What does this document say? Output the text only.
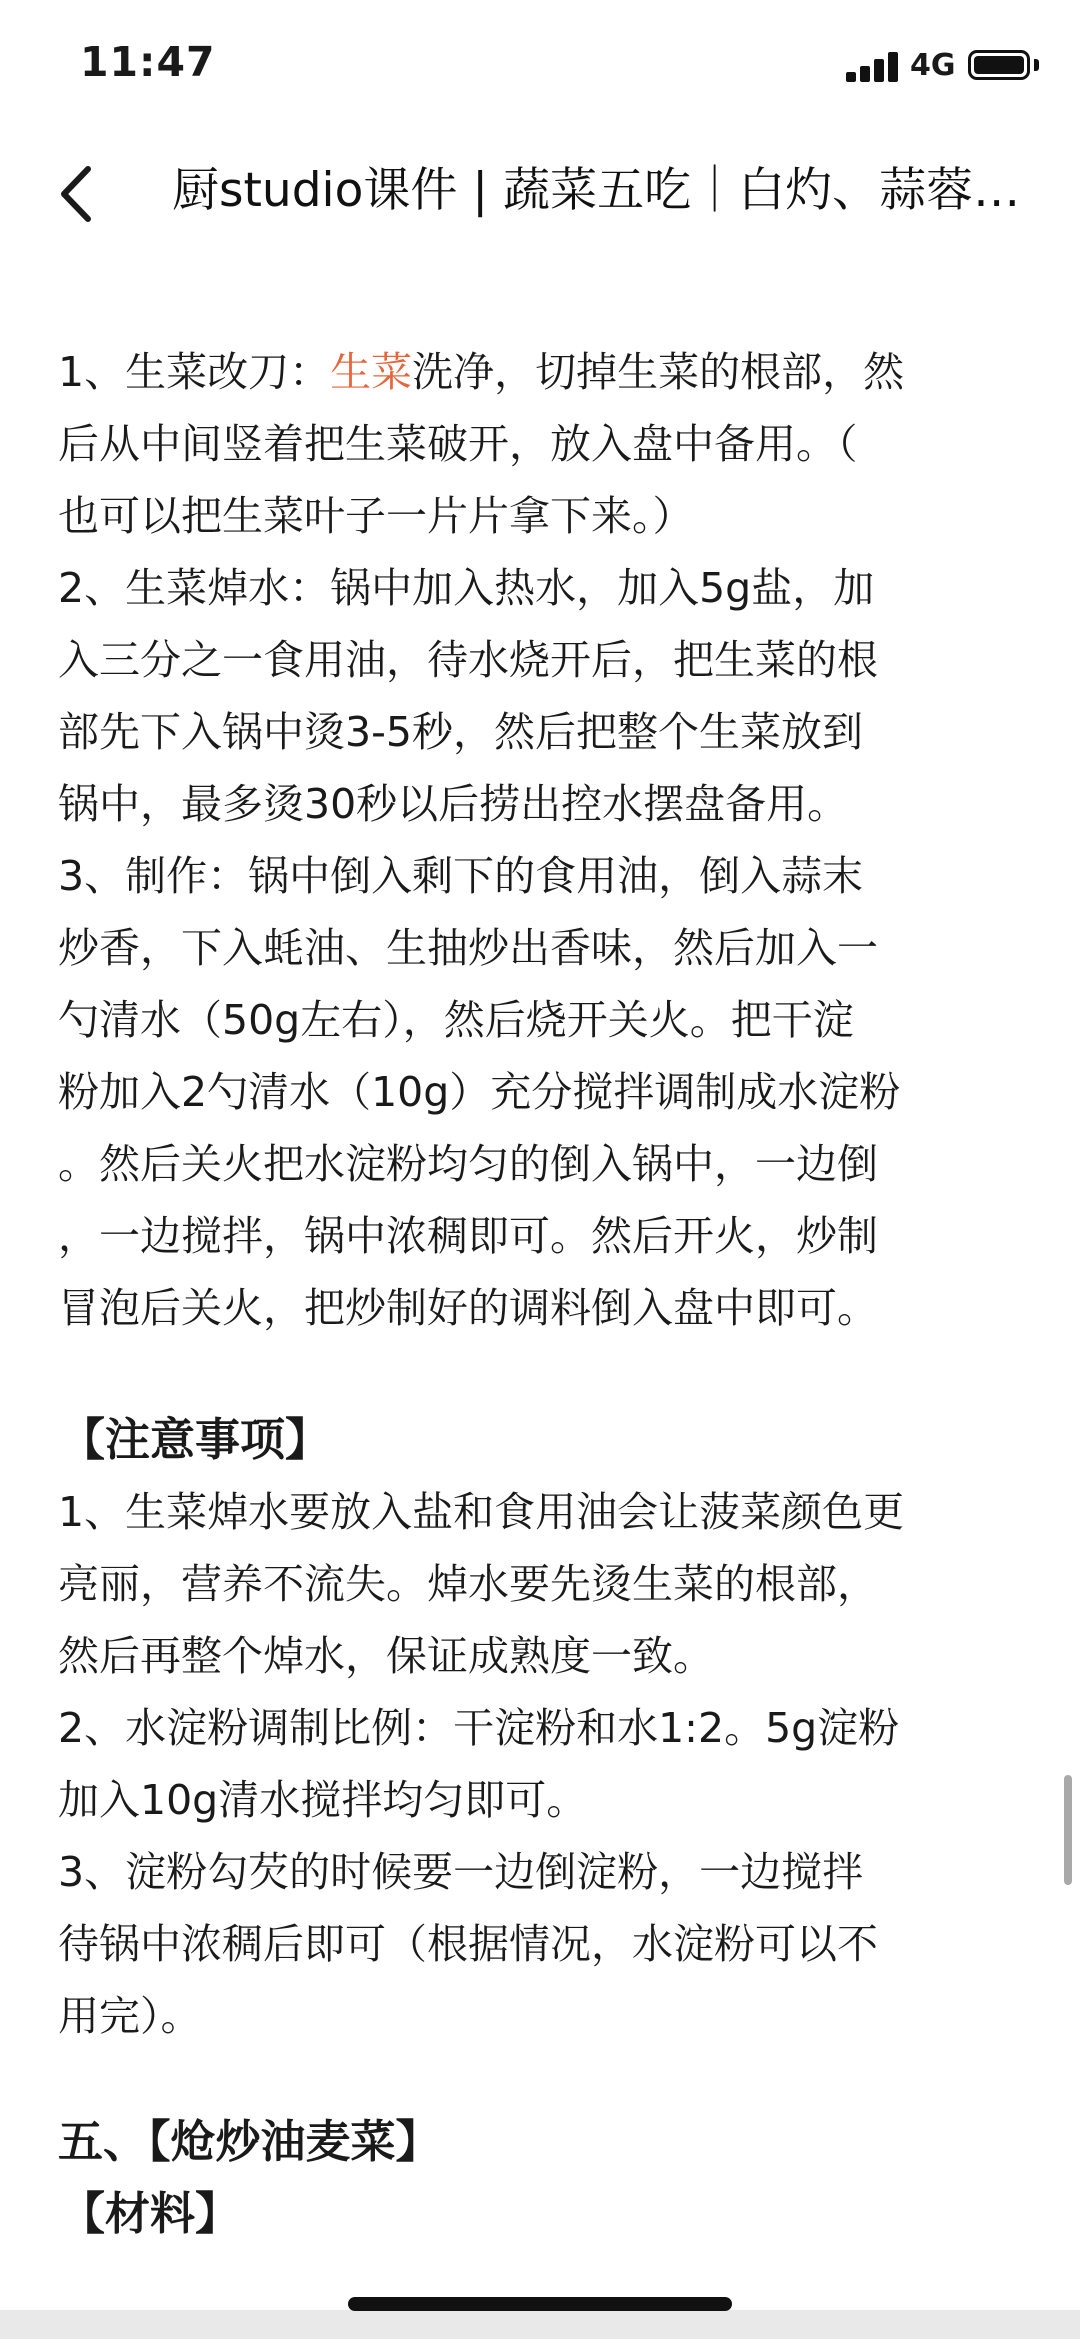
11:47	4G
厨studio课件 | 蔬菜五吃｜白灼、蒜蓉…
1、生菜改刀：生菜洗净，切掉生菜的根部，然
后从中间竖着把生菜破开，放入盘中备用。（
也可以把生菜叶子一片片拿下来。）
2、生菜焯水：锅中加入热水，加入5g盐，加
入三分之一食用油，待水烧开后，把生菜的根
部先下入锅中烫3-5秒，然后把整个生菜放到
锅中，最多烫30秒以后捞出控水摆盘备用。
3、制作：锅中倒入剩下的食用油，倒入蒜末
炒香，下入蚝油、生抽炒出香味，然后加入一
勺清水（50g左右），然后烧开关火。把干淀
粉加入2勺清水（10g）充分搅拌调制成水淀粉
。然后关火把水淀粉均匀的倒入锅中，一边倒
，一边搅拌，锅中浓稠即可。然后开火，炒制
冒泡后关火，把炒制好的调料倒入盘中即可。
【注意事项】
1、生菜焯水要放入盐和食用油会让菠菜颜色更
亮丽，营养不流失。焯水要先烫生菜的根部，
然后再整个焯水，保证成熟度一致。
2、水淀粉调制比例：干淀粉和水1:2。5g淀粉
加入10g清水搅拌均匀即可。
3、淀粉勾芡的时候要一边倒淀粉，一边搅拌
待锅中浓稠后即可（根据情况，水淀粉可以不
用完）。
五、【炝炒油麦菜】
【材料】
